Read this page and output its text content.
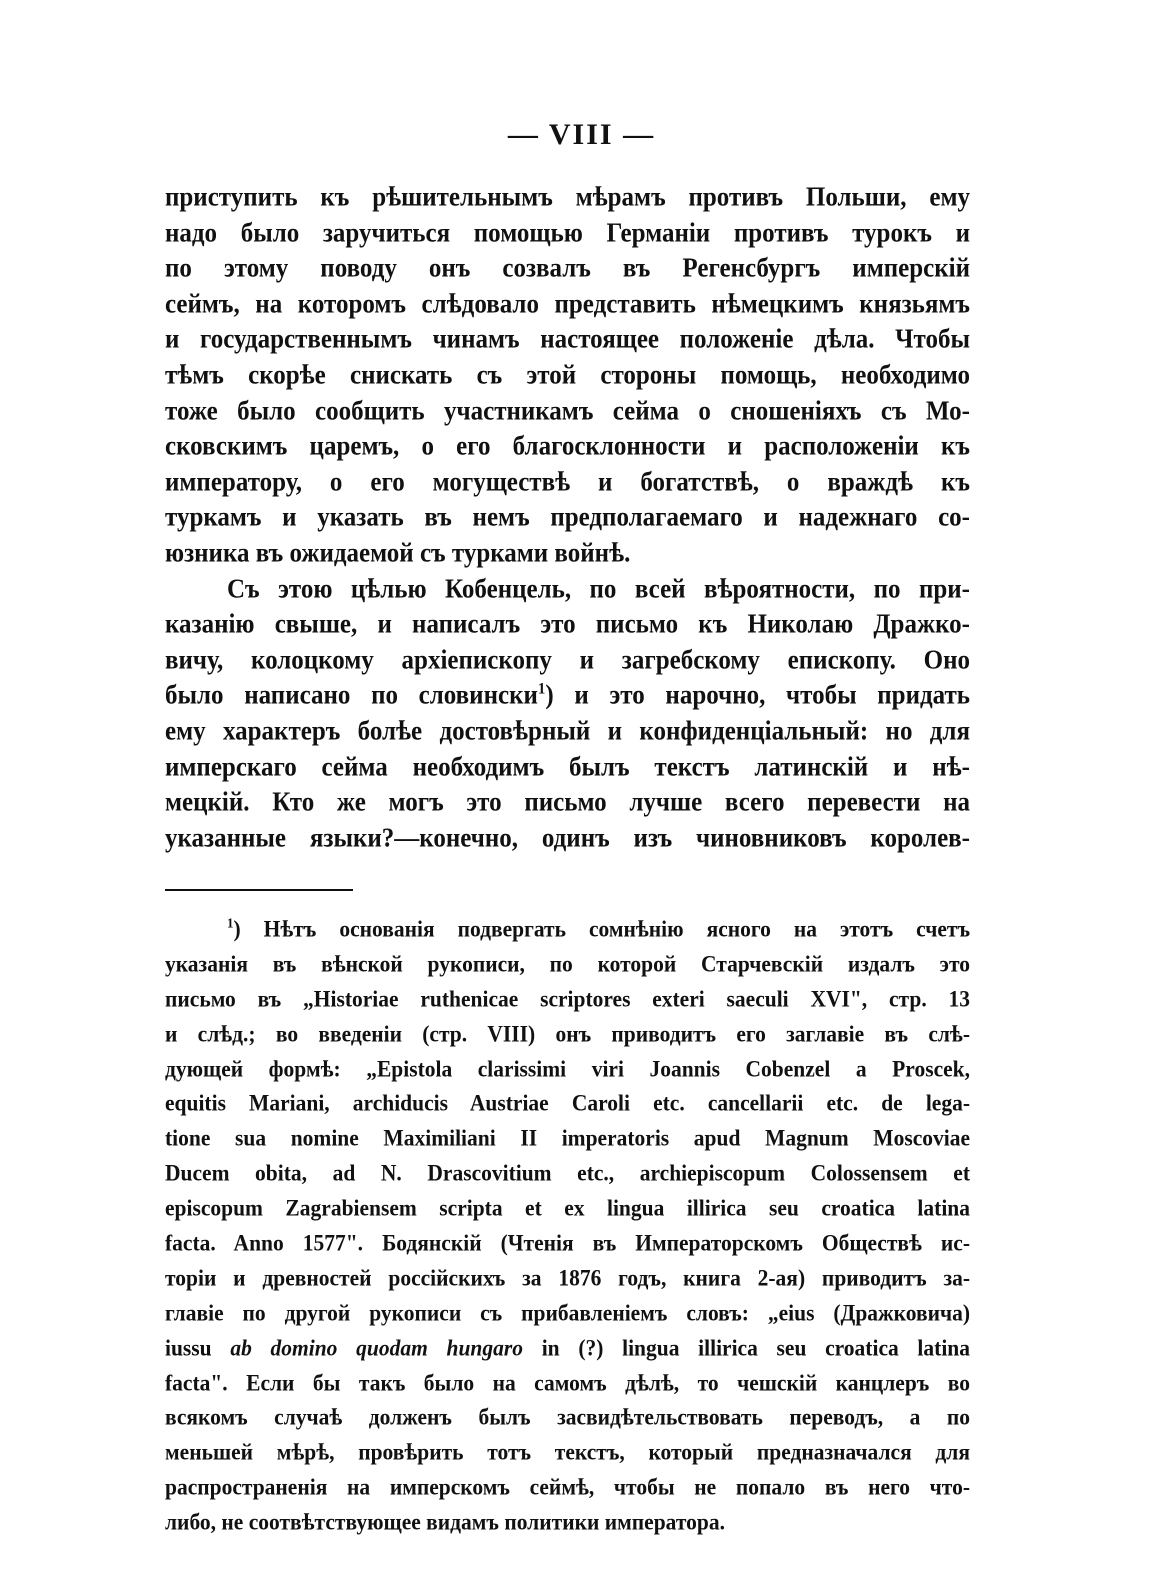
— VIII —
приступить къ рѣшительнымъ мѣрамъ противъ Польши, ему
надо было заручиться помощью Германіи противъ турокъ и
по этому поводу онъ созвалъ въ Регенсбургъ имперскій
сеймъ, на которомъ слѣдовало представить нѣмецкимъ князьямъ
и государственнымъ чинамъ настоящее положеніе дѣла. Чтобы
тѣмъ скорѣе снискать съ этой стороны помощь, необходимо
тоже было сообщить участникамъ сейма о сношеніяхъ съ Мо-
сковскимъ царемъ, о его благосклонности и расположеніи къ
императору, о его могуществѣ и богатствѣ, о враждѣ къ
туркамъ и указать въ немъ предполагаемаго и надежнаго со-
юзника въ ожидаемой съ турками войнѣ.
Съ этою цѣлью Кобенцель, по всей вѣроятности, по при-
казанію свыше, и написалъ это письмо къ Николаю Дражко-
вичу, колоцкому архіепископу и загребскому епископу. Оно
было написано по словински$^1$) и это нарочно, чтобы придать
ему характеръ болѣе достовѣрный и конфиденціальный: но для
имперскаго сейма необходимъ былъ текстъ латинскій и нѣ-
мецкій. Кто же могъ это письмо лучше всего перевести на
указанные языки?—конечно, одинъ изъ чиновниковъ королев-
$^1$) Нѣтъ основанія подвергать сомнѣнію ясного на этотъ счетъ
указанія въ вѣнской рукописи, по которой Старчевскій издалъ это
письмо въ „Historiae ruthenicae scriptores exteri saeculi XVI", стр. 13
и слѣд.; во введеніи (стр. VIII) онъ приводитъ его заглавіе въ слѣ-
дующей формѣ: „Epistola clarissimi viri Joannis Cobenzel a Proscek,
equitis Mariani, archiducis Austriae Caroli etc. cancellarii etc. de lega-
tione sua nomine Maximiliani II imperatoris apud Magnum Moscoviae
Ducem obita, ad N. Drascovitium etc., archiepiscopum Colossensem et
episcopum Zagrabiensem scripta et ex lingua illirica seu croatica latina
facta. Anno 1577". Бодянскій (Чтенія въ Императорскомъ Обществѣ ис-
торіи и древностей россійскихъ за 1876 годъ, книга 2-ая) приводитъ за-
главіе по другой рукописи съ прибавленіемъ словъ: „eius (Дражковича)
iussu ab domino quodam hungaro in (?) lingua illirica seu croatica latina
facta". Если бы такъ было на самомъ дѣлѣ, то чешскій канцлеръ во
всякомъ случаѣ долженъ былъ засвидѣтельствовать переводъ, а по
меньшей мѣрѣ, провѣрить тотъ текстъ, который предназначался для
распространенія на имперскомъ сеймѣ, чтобы не попало въ него что-
либо, не соотвѣтствующее видамъ политики императора.
